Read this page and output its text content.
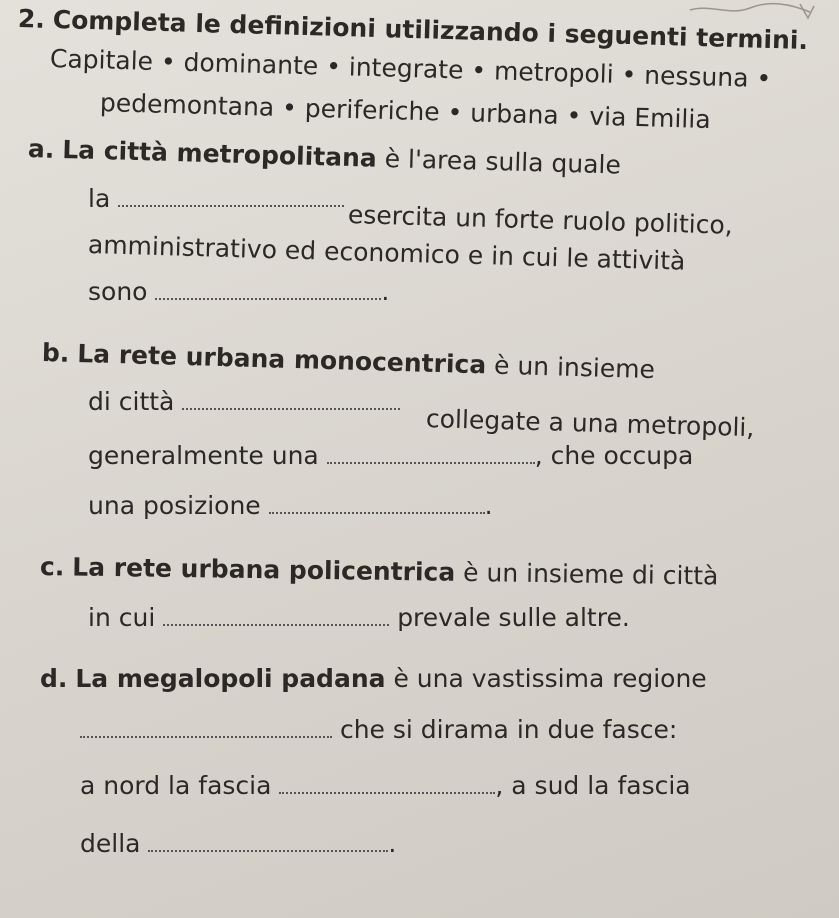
2. Completa le definizioni utilizzando i seguenti termini.
Capitale • dominante • integrate • metropoli • nessuna •
pedemontana • periferiche • urbana • via Emilia
a. La città metropolitana è l'area sulla quale
la
esercita un forte ruolo politico,
amministrativo ed economico e in cui le attività
sono	.
b. La rete urbana monocentrica è un insieme
di città
collegate a una metropoli,
generalmente una	, che occupa
una posizione	.
c. La rete urbana policentrica è un insieme di città
in cui	prevale sulle altre.
d. La megalopoli padana è una vastissima regione
che si dirama in due fasce:
a nord la fascia	, a sud la fascia
della	.
